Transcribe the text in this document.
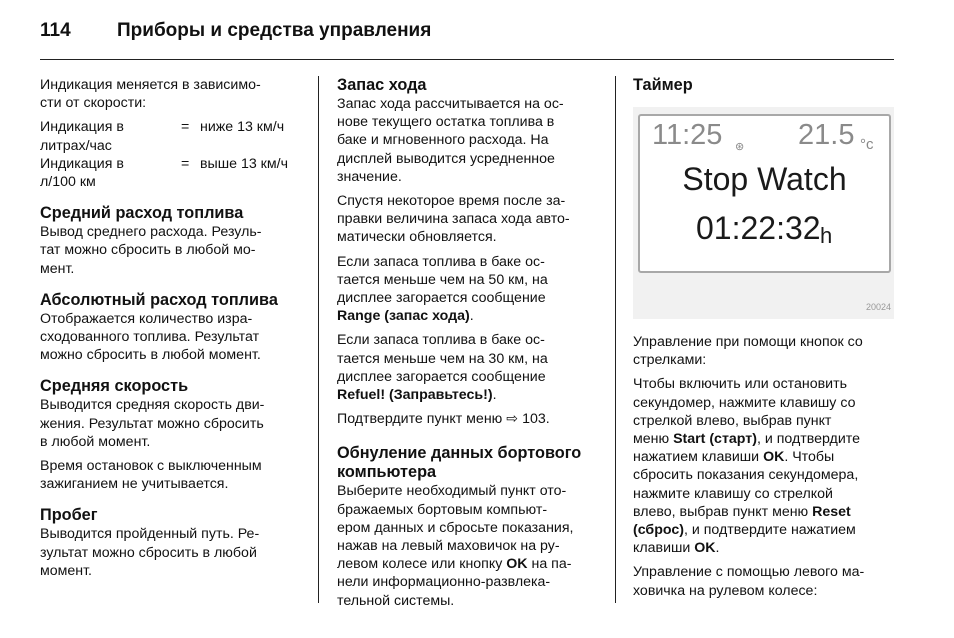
114 Приборы и средства управления
Индикация меняется в зависимо-
сти от скорости:
Индикация в
литрах/час
= ниже 13 км/ч
Индикация в
л/100 км
= выше 13 км/ч
Средний расход топлива
Вывод среднего расхода. Резуль-
тат можно сбросить в любой мо-
мент.
Абсолютный расход топлива
Отображается количество изра-
сходованного топлива. Результат
можно сбросить в любой момент.
Средняя скорость
Выводится средняя скорость дви-
жения. Результат можно сбросить
в любой момент.
Время остановок с выключенным
зажиганием не учитывается.
Пробег
Выводится пройденный путь. Ре-
зультат можно сбросить в любой
момент.
Запас хода
Запас хода рассчитывается на ос-
нове текущего остатка топлива в
баке и мгновенного расхода. На
дисплей выводится усредненное
значение.
Спустя некоторое время после за-
правки величина запаса хода авто-
матически обновляется.
Если запаса топлива в баке ос-
тается меньше чем на 50 км, на
дисплее загорается сообщение
Range (запас хода).
Если запаса топлива в баке ос-
тается меньше чем на 30 км, на
дисплее загорается сообщение
Refuel! (Заправьтесь!).
Подтвердите пункт меню ⇨ 103.
Обнуление данных бортового
компьютера
Выберите необходимый пункт ото-
бражаемых бортовым компьют-
ером данных и сбросьте показания,
нажав на левый маховичок на ру-
левом колесе или кнопку OK на па-
нели информационно-развлека-
тельной системы.
Таймер
11:25 ⊛ 21.5 °c
Stop Watch
01:22:32 h
20024
Управление при помощи кнопок со
стрелками:
Чтобы включить или остановить
секундомер, нажмите клавишу со
стрелкой влево, выбрав пункт
меню Start (старт), и подтвердите
нажатием клавиши OK. Чтобы
сбросить показания секундомера,
нажмите клавишу со стрелкой
влево, выбрав пункт меню Reset
(сброс), и подтвердите нажатием
клавиши OK.
Управление с помощью левого ма-
ховичка на рулевом колесе:
